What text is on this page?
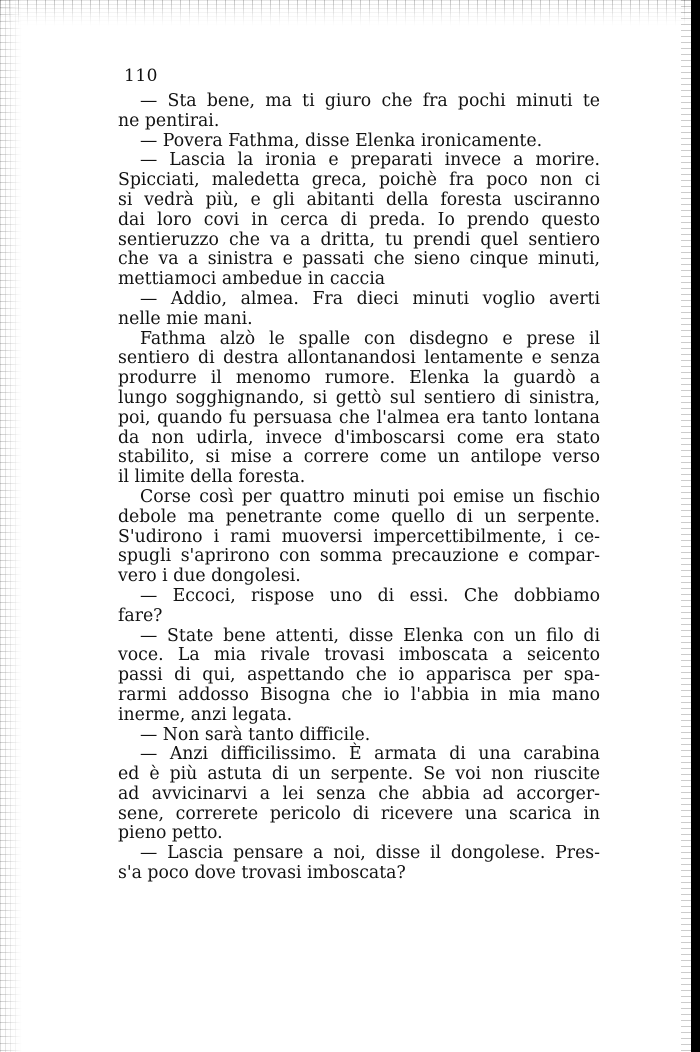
110
— Sta bene, ma ti giuro che fra pochi minuti te
ne pentirai.
— Povera Fathma, disse Elenka ironicamente.
— Lascia la ironia e preparati invece a morire.
Spicciati, maledetta greca, poichè fra poco non ci
si vedrà più, e gli abitanti della foresta usciranno
dai loro covi in cerca di preda. Io prendo questo
sentieruzzo che va a dritta, tu prendi quel sentiero
che va a sinistra e passati che sieno cinque minuti,
mettiamoci ambedue in caccia
— Addio, almea. Fra dieci minuti voglio averti
nelle mie mani.
Fathma alzò le spalle con disdegno e prese il
sentiero di destra allontanandosi lentamente e senza
produrre il menomo rumore. Elenka la guardò a
lungo sogghignando, si gettò sul sentiero di sinistra,
poi, quando fu persuasa che l'almea era tanto lontana
da non udirla, invece d'imboscarsi come era stato
stabilito, si mise a correre come un antilope verso
il limite della foresta.
Corse così per quattro minuti poi emise un fischio
debole ma penetrante come quello di un serpente.
S'udirono i rami muoversi impercettibilmente, i ce-
spugli s'aprirono con somma precauzione e compar-
vero i due dongolesi.
— Eccoci, rispose uno di essi. Che dobbiamo
fare?
— State bene attenti, disse Elenka con un filo di
voce. La mia rivale trovasi imboscata a seicento
passi di qui, aspettando che io apparisca per spa-
rarmi addosso Bisogna che io l'abbia in mia mano
inerme, anzi legata.
— Non sarà tanto difficile.
— Anzi difficilissimo. È armata di una carabina
ed è più astuta di un serpente. Se voi non riuscite
ad avvicinarvi a lei senza che abbia ad accorger-
sene, correrete pericolo di ricevere una scarica in
pieno petto.
— Lascia pensare a noi, disse il dongolese. Pres-
s'a poco dove trovasi imboscata?
